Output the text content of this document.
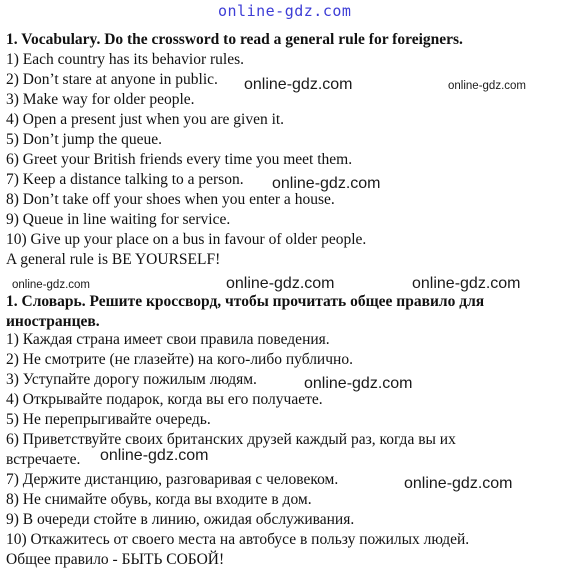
online-gdz.com
1. Vocabulary. Do the crossword to read a general rule for foreigners.
1) Each country has its behavior rules.
2) Don’t stare at anyone in public.
3) Make way for older people.
4) Open a present just when you are given it.
5) Don’t jump the queue.
6) Greet your British friends every time you meet them.
7) Keep a distance talking to a person.
8) Don’t take off your shoes when you enter a house.
9) Queue in line waiting for service.
10) Give up your place on a bus in favour of older people.
A general rule is BE YOURSELF!
1. Словарь. Решите кроссворд, чтобы прочитать общее правило для
иностранцев.
1) Каждая страна имеет свои правила поведения.
2) Не смотрите (не глазейте) на кого-либо публично.
3) Уступайте дорогу пожилым людям.
4) Открывайте подарок, когда вы его получаете.
5) Не перепрыгивайте очередь.
6) Приветствуйте своих британских друзей каждый раз, когда вы их
встречаете.
7) Держите дистанцию, разговаривая с человеком.
8) Не снимайте обувь, когда вы входите в дом.
9) В очереди стойте в линию, ожидая обслуживания.
10) Откажитесь от своего места на автобусе в пользу пожилых людей.
Общее правило - БЫТЬ СОБОЙ!
online-gdz.com	online-gdz.com
online-gdz.com
online-gdz.com	online-gdz.com	online-gdz.com
online-gdz.com
online-gdz.com
online-gdz.com
